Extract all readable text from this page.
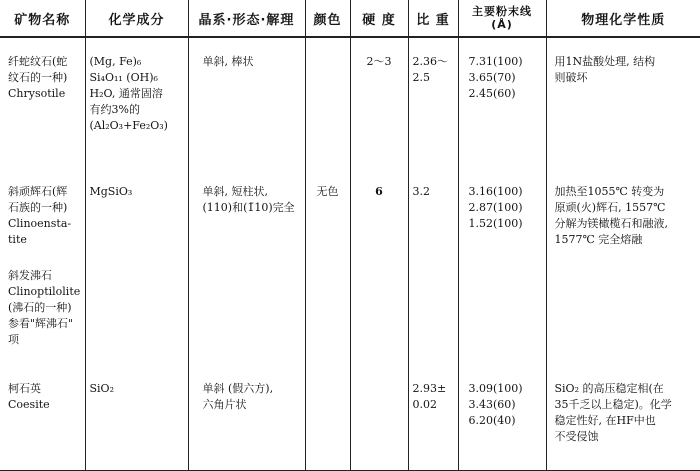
矿物名称	化学成分	晶系·形态·解理	颜色	硬 度	比 重	主要粉末线
(Å)	物理化学性质
纤蛇纹石(蛇
纹石的一种)
Chrysotile	(Mg, Fe)₆
Si₄O₁₁ (OH)₆
H₂O, 通常固溶
有约3%的
(Al₂O₃+Fe₂O₃)	单斜, 棒状		2～3	2.36～
2.5	7.31(100)
3.65(70)
2.45(60)	用1N盐酸处理, 结构
则破坏
斜顽辉石(辉
石族的一种)
Clinoensta-
tite	MgSiO₃	单斜, 短柱状,
(110)和(1̄10)完全	无色	6	3.2	3.16(100)
2.87(100)
1.52(100)	加热至1055℃ 转变为
原顽(火)辉石, 1557℃
分解为镁橄榄石和融液,
1577℃ 完全熔融
斜发沸石
Clinoptilolite
(沸石的一种)
参看"辉沸石"
项							
柯石英
Coesite	SiO₂	单斜 (假六方),
六角片状			2.93±
0.02	3.09(100)
3.43(60)
6.20(40)	SiO₂ 的高压稳定相(在
35千乏以上稳定)。化学
稳定性好, 在HF中也
不受侵蚀
